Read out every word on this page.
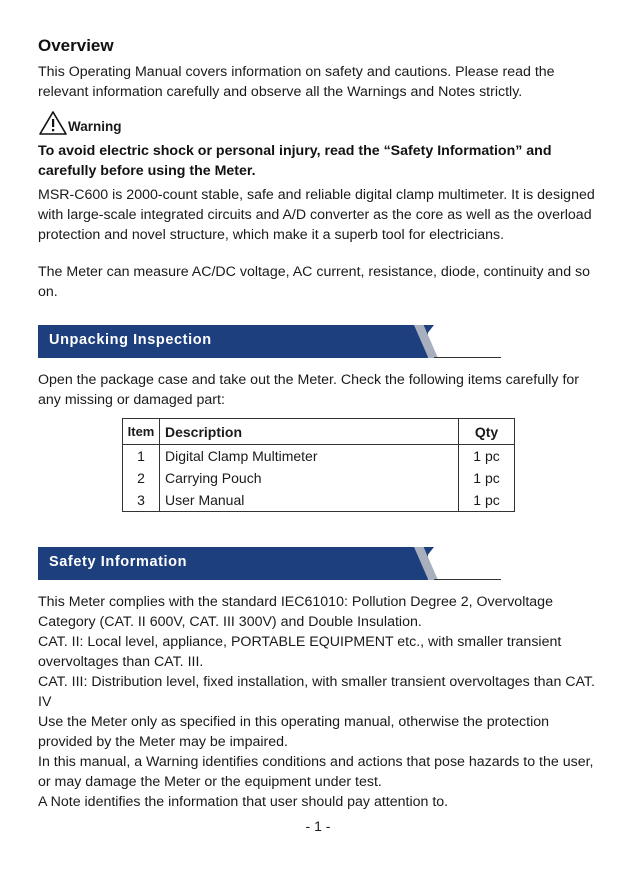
Overview

This Operating Manual covers information on safety and cautions. Please read the relevant information carefully and observe all the Warnings and Notes strictly.

Warning

To avoid electric shock or personal injury, read the “Safety Information” and carefully before using the Meter.

MSR-C600 is 2000-count stable, safe and reliable digital clamp multimeter. It is designed with large-scale integrated circuits and A/D converter as the core as well as the overload protection and novel structure, which make it a superb tool for electricians.

The Meter can measure AC/DC voltage, AC current, resistance, diode, continuity and so on.

Unpacking Inspection

Open the package case and take out the Meter. Check the following items carefully for any missing or damaged part:

Item	Description	Qty
1	Digital Clamp Multimeter	1 pc
2	Carrying Pouch	1 pc
3	User Manual	1 pc
Safety Information

This Meter complies with the standard IEC61010: Pollution Degree 2, Overvoltage Category (CAT. II 600V, CAT. III 300V) and Double Insulation.

CAT. II: Local level, appliance, PORTABLE EQUIPMENT etc., with smaller transient overvoltages than CAT. III.

CAT. III: Distribution level, fixed installation, with smaller transient overvoltages than CAT. IV

Use the Meter only as specified in this operating manual, otherwise the protection provided by the Meter may be impaired.

In this manual, a Warning identifies conditions and actions that pose hazards to the user, or may damage the Meter or the equipment under test.

A Note identifies the information that user should pay attention to.

- 1 -
